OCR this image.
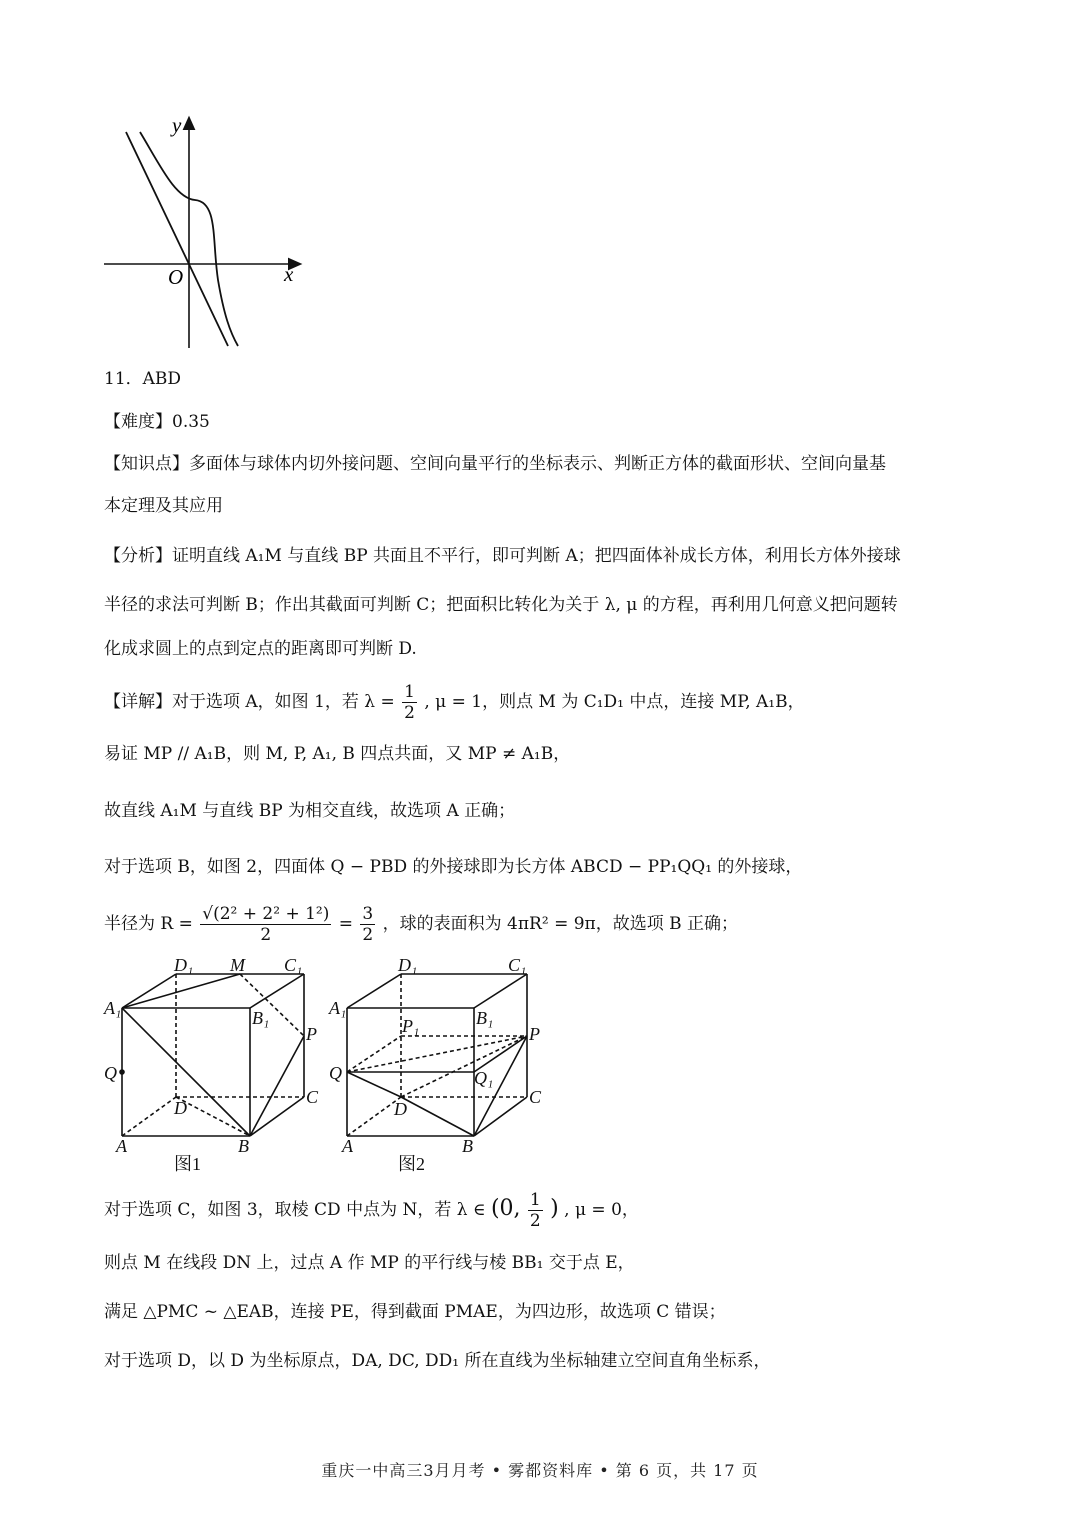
y
x
O
11．ABD
【难度】0.35
【知识点】多面体与球体内切外接问题、空间向量平行的坐标表示、判断正方体的截面形状、空间向量基
本定理及其应用
【分析】证明直线 A₁M 与直线 BP 共面且不平行，即可判断 A；把四面体补成长方体，利用长方体外接球
半径的求法可判断 B；作出其截面可判断 C；把面积比转化为关于 λ, μ 的方程，再利用几何意义把问题转
化成求圆上的点到定点的距离即可判断 D.
【详解】对于选项 A，如图 1，若 $\lambda = \frac{1}{2}$ , μ = 1，则点 M 为 C₁D₁ 中点，连接 MP, A₁B，
易证 MP // A₁B，则 M, P, A₁, B 四点共面，又 MP ≠ A₁B，
故直线 A₁M 与直线 BP 为相交直线，故选项 A 正确；
对于选项 B，如图 2，四面体 Q − PBD 的外接球即为长方体 ABCD − PP₁QQ₁ 的外接球，
半径为 $R = \frac{\text{√(2² + 2² + 1²)}}{2} = \frac{3}{2}$ ，球的表面积为 4πR² = 9π，故选项 B 正确；
D₁ M C₁
A₁	B₁
P
Q
D
C
A	B
图1
D₁	C₁
A₁
P₁	B₁
P
Q	Q₁
D
C
A	B
图2
对于选项 C，如图 3，取棱 CD 中点为 N，若 λ ∈ (0, $\frac{1}{2}$ ) , μ = 0，
则点 M 在线段 DN 上，过点 A 作 MP 的平行线与棱 BB₁ 交于点 E，
满足 △PMC ~ △EAB，连接 PE，得到截面 PMAE，为四边形，故选项 C 错误；
对于选项 D，以 D 为坐标原点，DA, DC, DD₁ 所在直线为坐标轴建立空间直角坐标系，
重庆一中高三3月月考 • 雾都资料库 • 第 6 页，共 17 页
